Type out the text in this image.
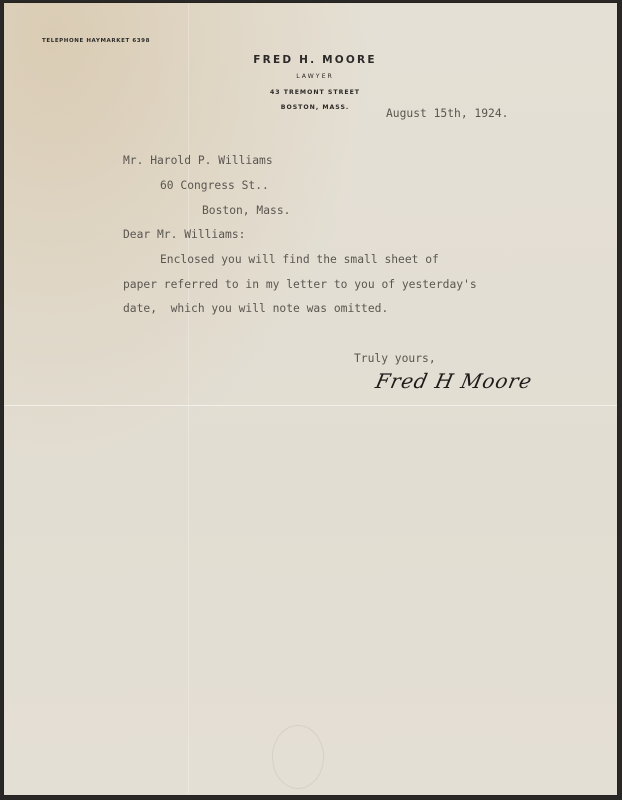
TELEPHONE HAYMARKET 6398
FRED H. MOORE
LAWYER
43 TREMONT STREET
BOSTON, MASS.	August 15th, 1924.
Mr. Harold P. Williams
60 Congress St..
Boston, Mass.
Dear Mr. Williams:
Enclosed you will find the small sheet of
paper referred to in my letter to you of yesterday's
date,  which you will note was omitted.
Truly yours,
Fred H Moore
